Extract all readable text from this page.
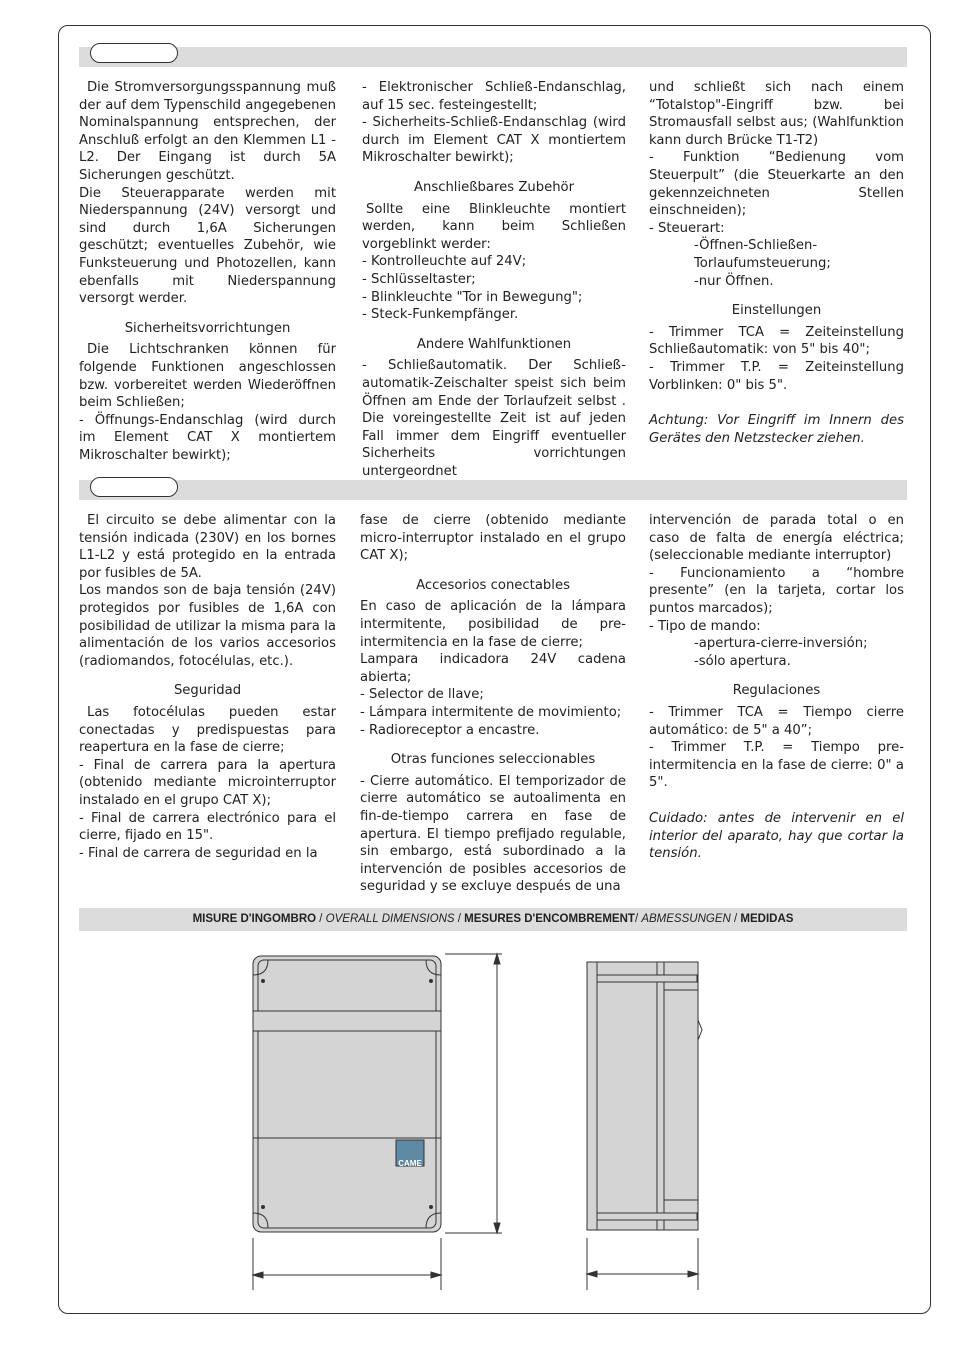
Die Stromversorgungsspannung muß der auf dem Typenschild angegebenen Nominalspannung entsprechen, der Anschluß erfolgt an den Klemmen L1 - L2. Der Eingang ist durch 5A Sicherungen geschützt.

Die Steuerapparate werden mit Niederspannung (24V) versorgt und sind durch 1,6A Sicherungen geschützt; eventuelles Zubehör, wie Funksteuerung und Photozellen, kann ebenfalls mit Niederspannung versorgt werder.

Sicherheitsvorrichtungen

Die Lichtschranken können für folgende Funktionen angeschlossen bzw. vorbereitet werden Wiederöffnen beim Schließen;

- Öffnungs-Endanschlag (wird durch im Element CAT X montiertem Mikroschalter bewirkt);

- Elektronischer Schließ-Endanschlag, auf 15 sec. festeingestellt;

- Sicherheits-Schließ-Endanschlag (wird durch im Element CAT X montiertem Mikroschalter bewirkt);

Anschließbares Zubehör

Sollte eine Blinkleuchte montiert werden, kann beim Schließen vorgeblinkt werder:

- Kontrolleuchte auf 24V;

- Schlüsseltaster;

- Blinkleuchte "Tor in Bewegung";

- Steck-Funkempfänger.

Andere Wahlfunktionen

- Schließautomatik. Der Schließ-automatik-Zeischalter speist sich beim Öffnen am Ende der Torlaufzeit selbst . Die voreingestellte Zeit ist auf jeden Fall immer dem Eingriff eventueller Sicherheits vorrichtungen untergeordnet

und schließt sich nach einem “Totalstop"-Eingriff bzw. bei Stromausfall selbst aus; (Wahlfunktion kann durch Brücke T1-T2)

- Funktion “Bedienung vom Steuerpult” (die Steuerkarte an den gekennzeichneten Stellen einschneiden);

- Steuerart:

-Öffnen-Schließen-

Torlaufumsteuerung;

-nur Öffnen.

Einstellungen

- Trimmer TCA = Zeiteinstellung Schließautomatik: von 5" bis 40";

- Trimmer T.P. = Zeiteinstellung Vorblinken: 0" bis 5".

Achtung: Vor Eingriff im Innern des Gerätes den Netzstecker ziehen.

El circuito se debe alimentar con la tensión indicada (230V) en los bornes L1-L2 y está protegido en la entrada por fusibles de 5A.

Los mandos son de baja tensión (24V) protegidos por fusibles de 1,6A con posibilidad de utilizar la misma para la alimentación de los varios accesorios (radiomandos, fotocélulas, etc.).

Seguridad

Las fotocélulas pueden estar conectadas y predispuestas para reapertura en la fase de cierre;

- Final de carrera para la apertura (obtenido mediante microinterruptor instalado en el grupo CAT X);

- Final de carrera electrónico para el cierre, fijado en 15".

- Final de carrera de seguridad en la

fase de cierre (obtenido mediante micro-interruptor instalado en el grupo CAT X);

Accesorios conectables

En caso de aplicación de la lámpara intermitente, posibilidad de pre-intermitencia en la fase de cierre;

Lampara indicadora 24V cadena abierta;

- Selector de llave;

- Lámpara intermitente de movimiento;

- Radioreceptor a encastre.

Otras funciones seleccionables

- Cierre automático. El temporizador de cierre automático se autoalimenta en fin-de-tiempo carrera en fase de apertura. El tiempo prefijado regulable, sin embargo, está subordinado a la intervención de posibles accesorios de seguridad y se excluye después de una

intervención de parada total o en caso de falta de energía eléctrica; (seleccionable mediante interruptor)

- Funcionamiento a “hombre presente” (en la tarjeta, cortar los puntos marcados);

- Tipo de mando:

-apertura-cierre-inversión;

-sólo apertura.

Regulaciones

- Trimmer TCA = Tiempo cierre automático: de 5" a 40”;

- Trimmer T.P. = Tiempo pre-intermitencia en la fase de cierre: 0" a 5".

Cuidado: antes de intervenir en el interior del aparato, hay que cortar la tensión.

MISURE D'INGOMBRO / OVERALL DIMENSIONS / MESURES D'ENCOMBREMENT/ ABMESSUNGEN / MEDIDAS
CAME
